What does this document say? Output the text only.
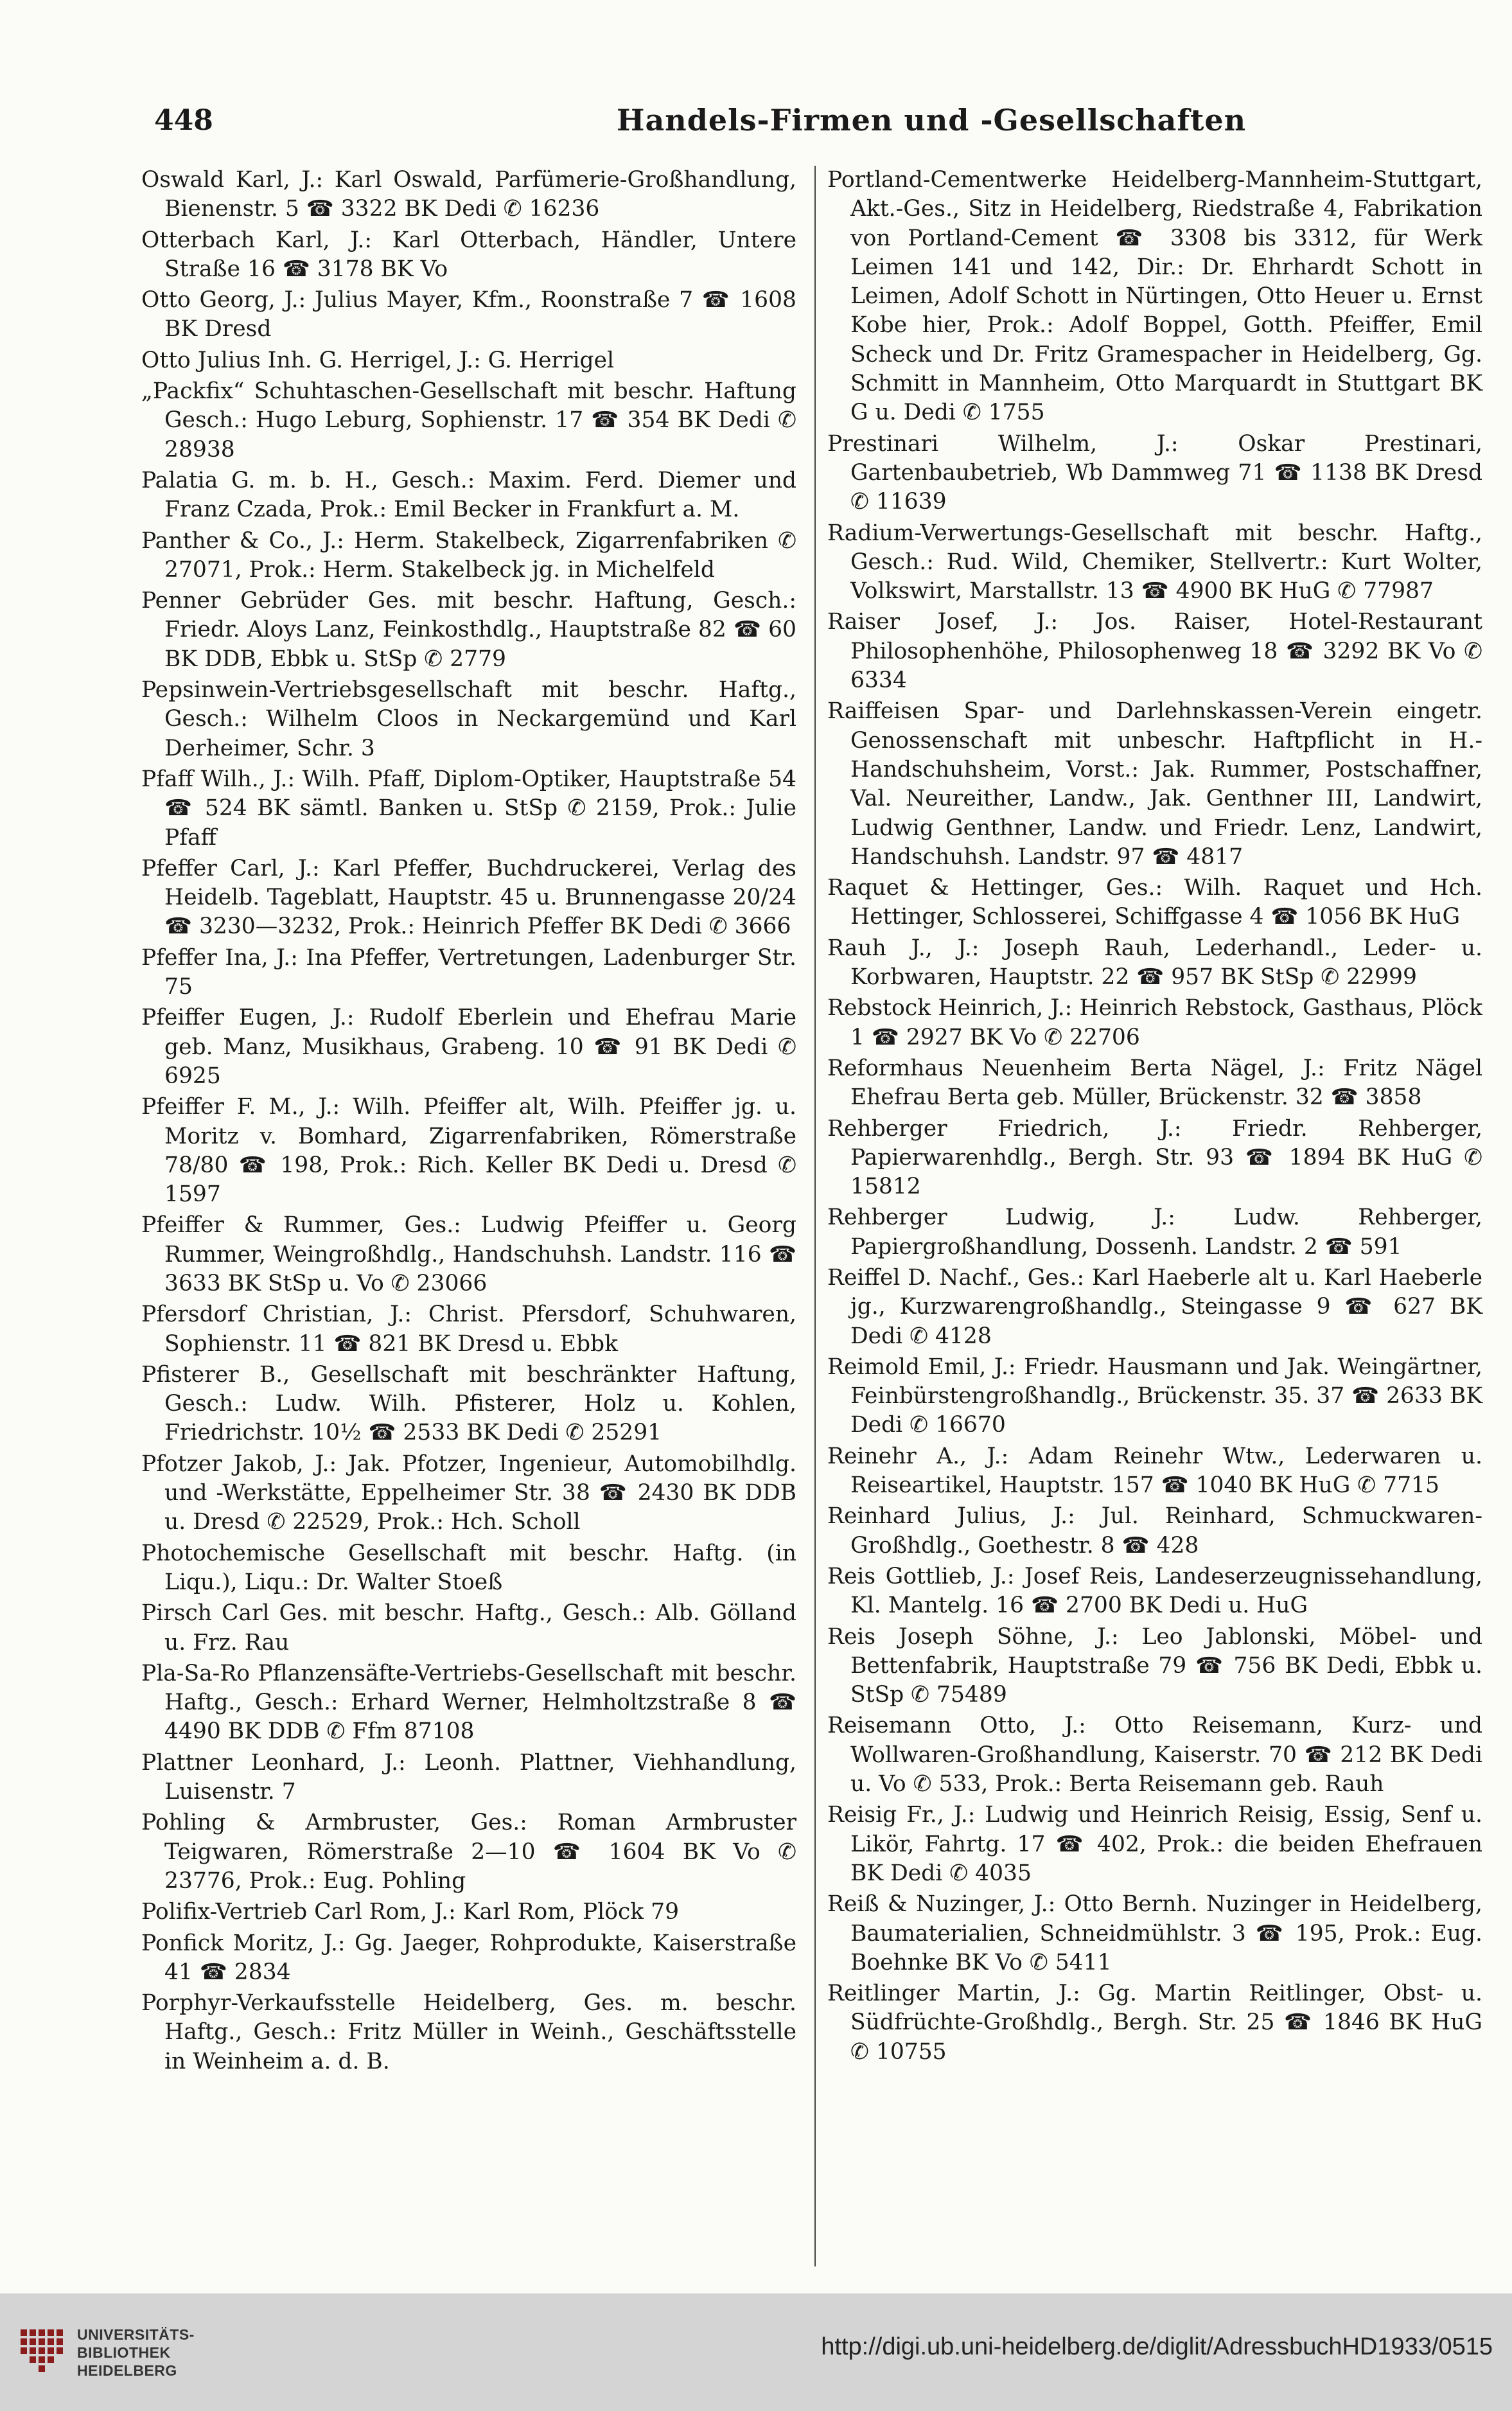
448	Handels-Firmen und -Gesellschaften

Oswald Karl, J.: Karl Oswald, Parfümerie-Großhandlung, Bienenstr. 5 ☎ 3322 BK Dedi ✆ 16236

Otterbach Karl, J.: Karl Otterbach, Händler, Untere Straße 16 ☎ 3178 BK Vo

Otto Georg, J.: Julius Mayer, Kfm., Roonstraße 7 ☎ 1608 BK Dresd

Otto Julius Inh. G. Herrigel, J.: G. Herrigel

„Packfix“ Schuhtaschen-Gesellschaft mit beschr. Haftung Gesch.: Hugo Leburg, Sophienstr. 17 ☎ 354 BK Dedi ✆ 28938

Palatia G. m. b. H., Gesch.: Maxim. Ferd. Diemer und Franz Czada, Prok.: Emil Becker in Frankfurt a. M.

Panther & Co., J.: Herm. Stakelbeck, Zigarrenfabriken ✆ 27071, Prok.: Herm. Stakelbeck jg. in Michelfeld

Penner Gebrüder Ges. mit beschr. Haftung, Gesch.: Friedr. Aloys Lanz, Feinkosthdlg., Hauptstraße 82 ☎ 60 BK DDB, Ebbk u. StSp ✆ 2779

Pepsinwein-Vertriebsgesellschaft mit beschr. Haftg., Gesch.: Wilhelm Cloos in Neckargemünd und Karl Derheimer, Schr. 3

Pfaff Wilh., J.: Wilh. Pfaff, Diplom-Optiker, Hauptstraße 54 ☎ 524 BK sämtl. Banken u. StSp ✆ 2159, Prok.: Julie Pfaff

Pfeffer Carl, J.: Karl Pfeffer, Buchdruckerei, Verlag des Heidelb. Tageblatt, Hauptstr. 45 u. Brunnengasse 20/24 ☎ 3230—3232, Prok.: Heinrich Pfeffer BK Dedi ✆ 3666

Pfeffer Ina, J.: Ina Pfeffer, Vertretungen, Ladenburger Str. 75

Pfeiffer Eugen, J.: Rudolf Eberlein und Ehefrau Marie geb. Manz, Musikhaus, Grabeng. 10 ☎ 91 BK Dedi ✆ 6925

Pfeiffer F. M., J.: Wilh. Pfeiffer alt, Wilh. Pfeiffer jg. u. Moritz v. Bomhard, Zigarrenfabriken, Römerstraße 78/80 ☎ 198, Prok.: Rich. Keller BK Dedi u. Dresd ✆ 1597

Pfeiffer & Rummer, Ges.: Ludwig Pfeiffer u. Georg Rummer, Weingroßhdlg., Handschuhsh. Landstr. 116 ☎ 3633 BK StSp u. Vo ✆ 23066

Pfersdorf Christian, J.: Christ. Pfersdorf, Schuhwaren, Sophienstr. 11 ☎ 821 BK Dresd u. Ebbk

Pfisterer B., Gesellschaft mit beschränkter Haftung, Gesch.: Ludw. Wilh. Pfisterer, Holz u. Kohlen, Friedrichstr. 10½ ☎ 2533 BK Dedi ✆ 25291

Pfotzer Jakob, J.: Jak. Pfotzer, Ingenieur, Automobilhdlg. und -Werkstätte, Eppelheimer Str. 38 ☎ 2430 BK DDB u. Dresd ✆ 22529, Prok.: Hch. Scholl

Photochemische Gesellschaft mit beschr. Haftg. (in Liqu.), Liqu.: Dr. Walter Stoeß

Pirsch Carl Ges. mit beschr. Haftg., Gesch.: Alb. Gölland u. Frz. Rau

Pla-Sa-Ro Pflanzensäfte-Vertriebs-Gesellschaft mit beschr. Haftg., Gesch.: Erhard Werner, Helmholtzstraße 8 ☎ 4490 BK DDB ✆ Ffm 87108

Plattner Leonhard, J.: Leonh. Plattner, Viehhandlung, Luisenstr. 7

Pohling & Armbruster, Ges.: Roman Armbruster Teigwaren, Römerstraße 2—10 ☎ 1604 BK Vo ✆ 23776, Prok.: Eug. Pohling

Polifix-Vertrieb Carl Rom, J.: Karl Rom, Plöck 79

Ponfick Moritz, J.: Gg. Jaeger, Rohprodukte, Kaiserstraße 41 ☎ 2834

Porphyr-Verkaufsstelle Heidelberg, Ges. m. beschr. Haftg., Gesch.: Fritz Müller in Weinh., Geschäftsstelle in Weinheim a. d. B.

Portland-Cementwerke Heidelberg-Mannheim-Stuttgart, Akt.-Ges., Sitz in Heidelberg, Riedstraße 4, Fabrikation von Portland-Cement ☎ 3308 bis 3312, für Werk Leimen 141 und 142, Dir.: Dr. Ehrhardt Schott in Leimen, Adolf Schott in Nürtingen, Otto Heuer u. Ernst Kobe hier, Prok.: Adolf Boppel, Gotth. Pfeiffer, Emil Scheck und Dr. Fritz Gramespacher in Heidelberg, Gg. Schmitt in Mannheim, Otto Marquardt in Stuttgart BK G u. Dedi ✆ 1755

Prestinari Wilhelm, J.: Oskar Prestinari, Gartenbaubetrieb, Wb Dammweg 71 ☎ 1138 BK Dresd ✆ 11639

Radium-Verwertungs-Gesellschaft mit beschr. Haftg., Gesch.: Rud. Wild, Chemiker, Stellvertr.: Kurt Wolter, Volkswirt, Marstallstr. 13 ☎ 4900 BK HuG ✆ 77987

Raiser Josef, J.: Jos. Raiser, Hotel-Restaurant Philosophenhöhe, Philosophenweg 18 ☎ 3292 BK Vo ✆ 6334

Raiffeisen Spar- und Darlehnskassen-Verein eingetr. Genossenschaft mit unbeschr. Haftpflicht in H.-Handschuhsheim, Vorst.: Jak. Rummer, Postschaffner, Val. Neureither, Landw., Jak. Genthner III, Landwirt, Ludwig Genthner, Landw. und Friedr. Lenz, Landwirt, Handschuhsh. Landstr. 97 ☎ 4817

Raquet & Hettinger, Ges.: Wilh. Raquet und Hch. Hettinger, Schlosserei, Schiffgasse 4 ☎ 1056 BK HuG

Rauh J., J.: Joseph Rauh, Lederhandl., Leder- u. Korbwaren, Hauptstr. 22 ☎ 957 BK StSp ✆ 22999

Rebstock Heinrich, J.: Heinrich Rebstock, Gasthaus, Plöck 1 ☎ 2927 BK Vo ✆ 22706

Reformhaus Neuenheim Berta Nägel, J.: Fritz Nägel Ehefrau Berta geb. Müller, Brückenstr. 32 ☎ 3858

Rehberger Friedrich, J.: Friedr. Rehberger, Papierwarenhdlg., Bergh. Str. 93 ☎ 1894 BK HuG ✆ 15812

Rehberger Ludwig, J.: Ludw. Rehberger, Papiergroßhandlung, Dossenh. Landstr. 2 ☎ 591

Reiffel D. Nachf., Ges.: Karl Haeberle alt u. Karl Haeberle jg., Kurzwarengroßhandlg., Steingasse 9 ☎ 627 BK Dedi ✆ 4128

Reimold Emil, J.: Friedr. Hausmann und Jak. Weingärtner, Feinbürstengroßhandlg., Brückenstr. 35. 37 ☎ 2633 BK Dedi ✆ 16670

Reinehr A., J.: Adam Reinehr Wtw., Lederwaren u. Reiseartikel, Hauptstr. 157 ☎ 1040 BK HuG ✆ 7715

Reinhard Julius, J.: Jul. Reinhard, Schmuckwaren-Großhdlg., Goethestr. 8 ☎ 428

Reis Gottlieb, J.: Josef Reis, Landeserzeugnissehandlung, Kl. Mantelg. 16 ☎ 2700 BK Dedi u. HuG

Reis Joseph Söhne, J.: Leo Jablonski, Möbel- und Bettenfabrik, Hauptstraße 79 ☎ 756 BK Dedi, Ebbk u. StSp ✆ 75489

Reisemann Otto, J.: Otto Reisemann, Kurz- und Wollwaren-Großhandlung, Kaiserstr. 70 ☎ 212 BK Dedi u. Vo ✆ 533, Prok.: Berta Reisemann geb. Rauh

Reisig Fr., J.: Ludwig und Heinrich Reisig, Essig, Senf u. Likör, Fahrtg. 17 ☎ 402, Prok.: die beiden Ehefrauen BK Dedi ✆ 4035

Reiß & Nuzinger, J.: Otto Bernh. Nuzinger in Heidelberg, Baumaterialien, Schneidmühlstr. 3 ☎ 195, Prok.: Eug. Boehnke BK Vo ✆ 5411

Reitlinger Martin, J.: Gg. Martin Reitlinger, Obst- u. Südfrüchte-Großhdlg., Bergh. Str. 25 ☎ 1846 BK HuG ✆ 10755

UNIVERSITÄTS-
BIBLIOTHEK
HEIDELBERG
http://digi.ub.uni-heidelberg.de/diglit/AdressbuchHD1933/0515
